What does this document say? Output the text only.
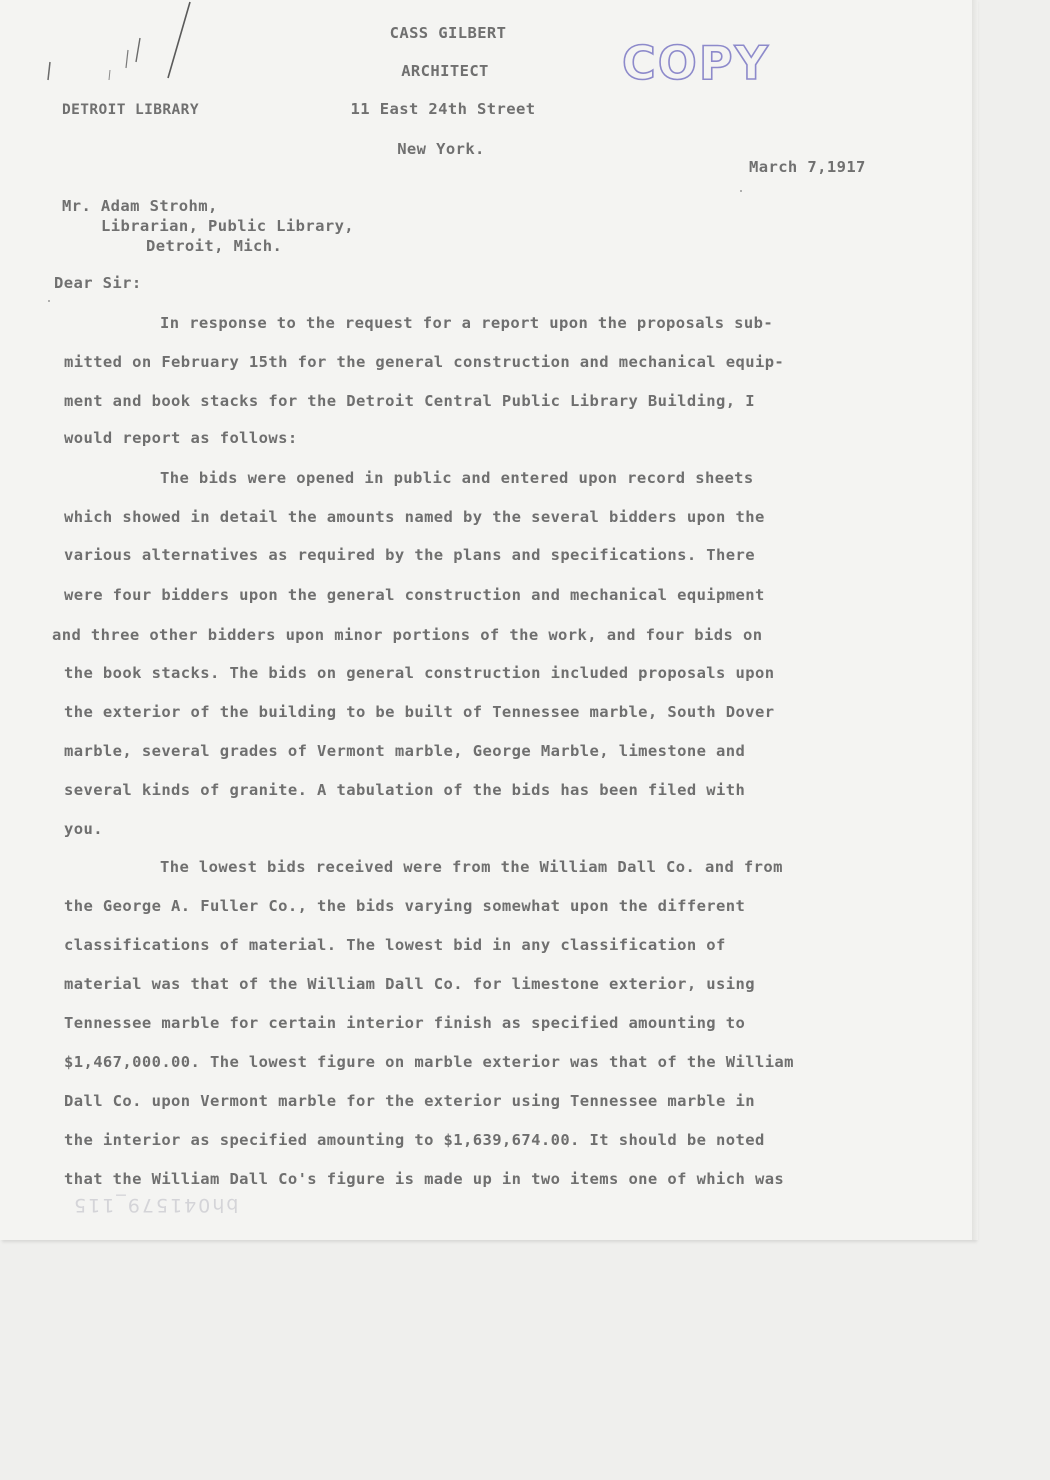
CASS GILBERT
ARCHITECT
11 East 24th Street
New York.
COPY
DETROIT LIBRARY
March 7,1917
Mr. Adam Strohm,
Librarian, Public Library,
Detroit, Mich.
Dear Sir:
In response to the request for a report upon the proposals sub-
mitted on February 15th for the general construction and mechanical equip-
ment and book stacks for the Detroit Central Public Library Building, I
would report as follows:
The bids were opened in public and entered upon record sheets
which showed in detail the amounts named by the several bidders upon the
various alternatives as required by the plans and specifications. There
were four bidders upon the general construction and mechanical equipment
and three other bidders upon minor portions of the work, and four bids on
the book stacks. The bids on general construction included proposals upon
the exterior of the building to be built of Tennessee marble, South Dover
marble, several grades of Vermont marble, George Marble, limestone and
several kinds of granite. A tabulation of the bids has been filed with
you.
The lowest bids received were from the William Dall Co. and from
the George A. Fuller Co., the bids varying somewhat upon the different
classifications of material. The lowest bid in any classification of
material was that of the William Dall Co. for limestone exterior, using
Tennessee marble for certain interior finish as specified amounting to
$1,467,000.00. The lowest figure on marble exterior was that of the William
Dall Co. upon Vermont marble for the exterior using Tennessee marble in
the interior as specified amounting to $1,639,674.00. It should be noted
that the William Dall Co's figure is made up in two items one of which was
bh041579_115
